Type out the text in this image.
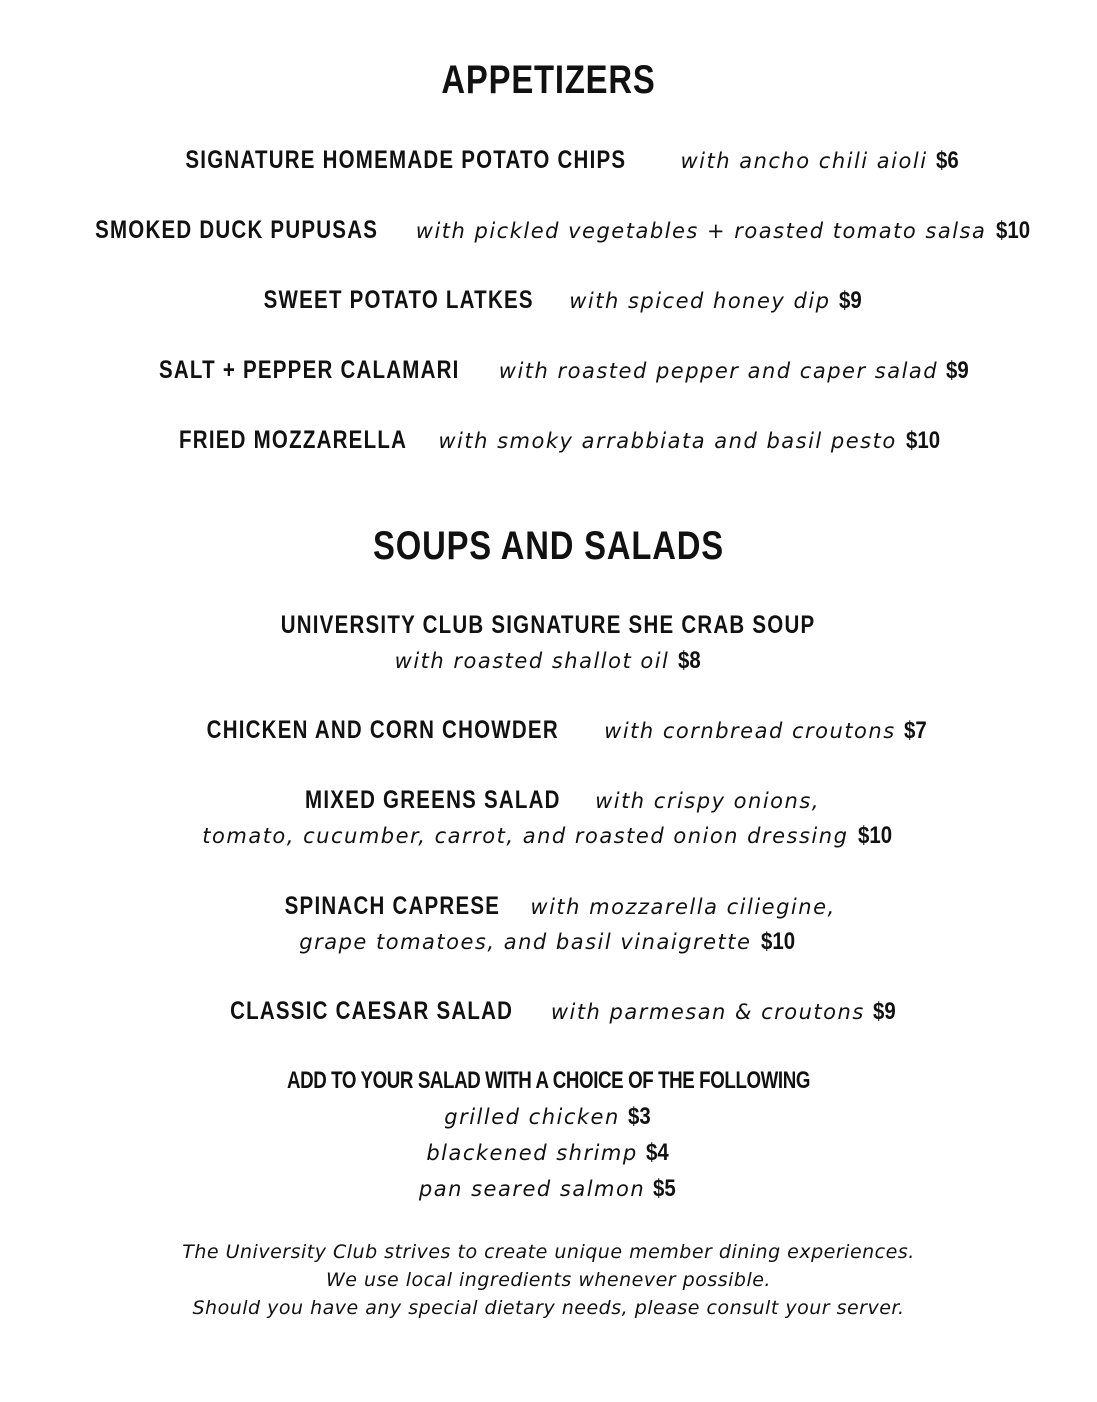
APPETIZERS
SIGNATURE HOMEMADE POTATO CHIPS	with ancho chili aioli $6
SMOKED DUCK PUPUSAS with pickled vegetables + roasted tomato salsa $10
SWEET POTATO LATKES with spiced honey dip $9
SALT + PEPPER CALAMARI with roasted pepper and caper salad $9
FRIED MOZZARELLA with smoky arrabbiata and basil pesto $10
SOUPS AND SALADS
UNIVERSITY CLUB SIGNATURE SHE CRAB SOUP
with roasted shallot oil $8
CHICKEN AND CORN CHOWDER with cornbread croutons $7
MIXED GREENS SALAD with crispy onions,
tomato, cucumber, carrot, and roasted onion dressing $10
SPINACH CAPRESE with mozzarella ciliegine,
grape tomatoes, and basil vinaigrette $10
CLASSIC CAESAR SALAD with parmesan & croutons $9
ADD TO YOUR SALAD WITH A CHOICE OF THE FOLLOWING
grilled chicken $3
blackened shrimp $4
pan seared salmon $5
The University Club strives to create unique member dining experiences.
We use local ingredients whenever possible.
Should you have any special dietary needs, please consult your server.
